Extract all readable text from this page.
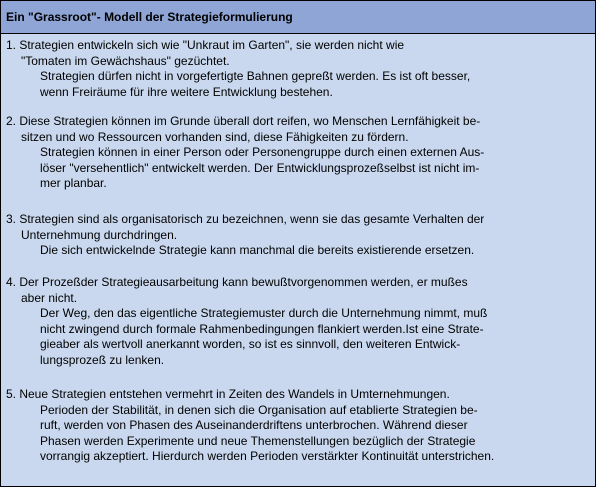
Ein "Grassroot"- Modell der Strategieformulierung
1. Strategien entwickeln sich wie "Unkraut im Garten", sie werden nicht wie
"Tomaten im Gewächshaus" gezüchtet.
Strategien dürfen nicht in vorgefertigte Bahnen gepreßt werden. Es ist oft besser,
wenn Freiräume für ihre weitere Entwicklung bestehen.
2. Diese Strategien können im Grunde überall dort reifen, wo Menschen Lernfähigkeit be-
sitzen und wo Ressourcen vorhanden sind, diese Fähigkeiten zu fördern.
Strategien können in einer Person oder Personengruppe durch einen externen Aus-
löser "versehentlich" entwickelt werden. Der Entwicklungsprozeßselbst ist nicht im-
mer planbar.
3. Strategien sind als organisatorisch zu bezeichnen, wenn sie das gesamte Verhalten der
Unternehmung durchdringen.
Die sich entwickelnde Strategie kann manchmal die bereits existierende ersetzen.
4. Der Prozeßder Strategieausarbeitung kann bewußtvorgenommen werden, er mußes
aber nicht.
Der Weg, den das eigentliche Strategiemuster durch die Unternehmung nimmt, muß
nicht zwingend durch formale Rahmenbedingungen flankiert werden.Ist eine Strate-
gieaber als wertvoll anerkannt worden, so ist es sinnvoll, den weiteren Entwick-
lungsprozeß zu lenken.
5. Neue Strategien entstehen vermehrt in Zeiten des Wandels in Umternehmungen.
Perioden der Stabilität, in denen sich die Organisation auf etablierte Strategien be-
ruft, werden von Phasen des Auseinanderdriftens unterbrochen. Während dieser
Phasen werden Experimente und neue Themenstellungen bezüglich der Strategie
vorrangig akzeptiert. Hierdurch werden Perioden verstärkter Kontinuität unterstrichen.
